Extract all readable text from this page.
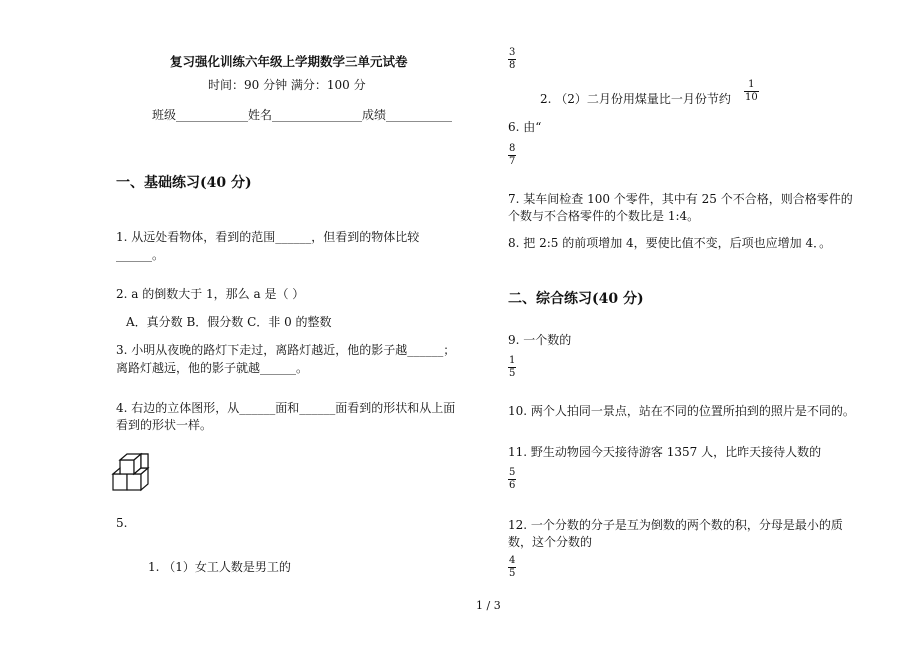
复习强化训练六年级上学期数学三单元试卷
时间：90 分钟 满分：100 分
班级____________姓名_______________成绩___________
一、基础练习(40 分)
1. 从远处看物体，看到的范围______，但看到的物体比较
______。
2. a 的倒数大于 1，那么 a 是（ ）
A．真分数 B．假分数 C．非 0 的整数
3. 小明从夜晚的路灯下走过，离路灯越近，他的影子越______；
离路灯越远，他的影子就越______。
4. 右边的立体图形，从______面和______面看到的形状和从上面
看到的形状一样。
5.
1. （1）女工人数是男工的
3
8
2. （2）二月份用煤量比一月份节约
1
10
6. 由“
8
7
7. 某车间检查 100 个零件，其中有 25 个不合格，则合格零件的
个数与不合格零件的个数比是 1:4。
8. 把 2:5 的前项增加 4，要使比值不变，后项也应增加 4．。
二、综合练习(40 分)
9. 一个数的
1
5
10. 两个人拍同一景点，站在不同的位置所拍到的照片是不同的。
11. 野生动物园今天接待游客 1357 人，比昨天接待人数的
5
6
12. 一个分数的分子是互为倒数的两个数的积，分母是最小的质
数，这个分数的
4
5
1 / 3
